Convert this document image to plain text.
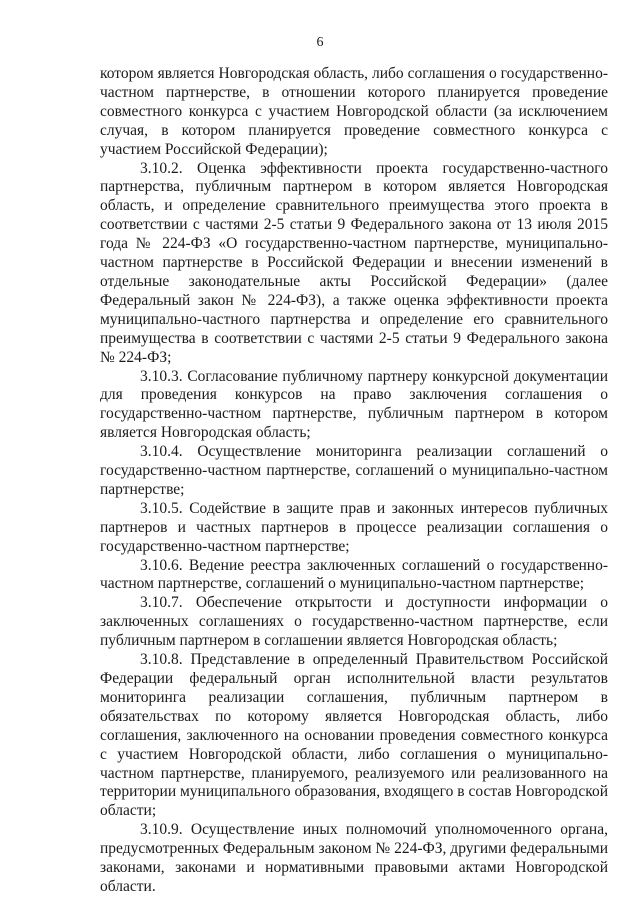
6

котором является Новгородская область, либо соглашения о государственно-частном партнерстве, в отношении которого планируется проведение совместного конкурса с участием Новгородской области (за исключением случая, в котором планируется проведение совместного конкурса с участием Российской Федерации);

3.10.2. Оценка эффективности проекта государственно-частного партнерства, публичным партнером в котором является Новгородская область, и определение сравнительного преимущества этого проекта в соответствии с частями 2-5 статьи 9 Федерального закона от 13 июля 2015 года № 224-ФЗ «О государственно-частном партнерстве, муниципально-частном партнерстве в Российской Федерации и внесении изменений в отдельные законодательные акты Российской Федерации» (далее Федеральный закон № 224-ФЗ), а также оценка эффективности проекта муниципально-частного партнерства и определение его сравнительного преимущества в соответствии с частями 2-5 статьи 9 Федерального закона № 224-ФЗ;

3.10.3. Согласование публичному партнеру конкурсной документации для проведения конкурсов на право заключения соглашения о государственно-частном партнерстве, публичным партнером в котором является Новгородская область;

3.10.4. Осуществление мониторинга реализации соглашений о государственно-частном партнерстве, соглашений о муниципально-частном партнерстве;

3.10.5. Содействие в защите прав и законных интересов публичных партнеров и частных партнеров в процессе реализации соглашения о государственно-частном партнерстве;

3.10.6. Ведение реестра заключенных соглашений о государственно-частном партнерстве, соглашений о муниципально-частном партнерстве;

3.10.7. Обеспечение открытости и доступности информации о заключенных соглашениях о государственно-частном партнерстве, если публичным партнером в соглашении является Новгородская область;

3.10.8. Представление в определенный Правительством Российской Федерации федеральный орган исполнительной власти результатов мониторинга реализации соглашения, публичным партнером в обязательствах по которому является Новгородская область, либо соглашения, заключенного на основании проведения совместного конкурса с участием Новгородской области, либо соглашения о муниципально-частном партнерстве, планируемого, реализуемого или реализованного на территории муниципального образования, входящего в состав Новгородской области;

3.10.9. Осуществление иных полномочий уполномоченного органа, предусмотренных Федеральным законом № 224-ФЗ, другими федеральными законами, законами и нормативными правовыми актами Новгородской области.
